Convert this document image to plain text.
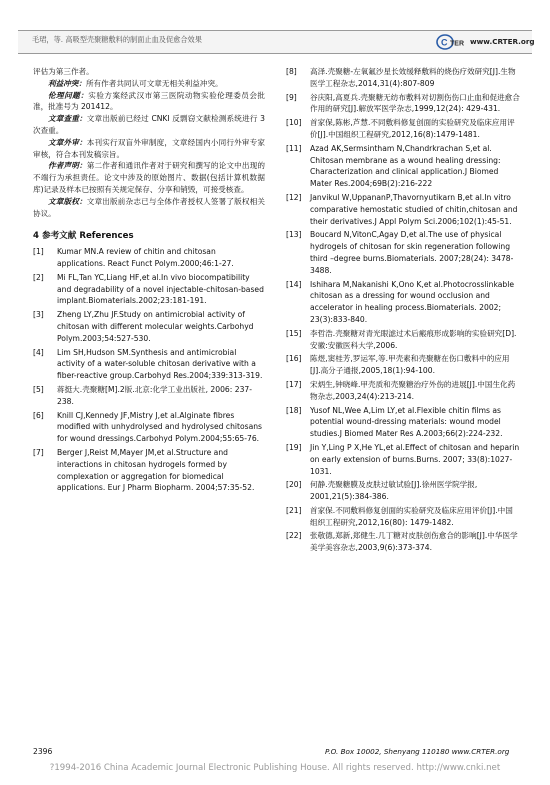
毛珺，等. 高吸型壳聚糖敷料的制面止血及促愈合效果	C TER www.CRTER.org

评估为第三作者。

利益冲突：所有作者共同认可文章无相关利益冲突。

伦理问题：实验方案经武汉市第三医院动物实验伦理委员会批准，批准号为 201412。

文章查重：文章出版前已经过 CNKI 反剽窃文献检测系统进行 3 次查重。

文章外审：本刊实行双盲外审制度，文章经国内小同行外审专家审核，符合本刊发稿宗旨。

作者声明：第二作者和通讯作者对于研究和撰写的论文中出现的不端行为承担责任。论文中涉及的原始图片、数据(包括计算机数据库)记录及样本已按照有关规定保存、分享和销毁，可接受核查。

文章版权：文章出版前杂志已与全体作者授权人签署了版权相关协议。

4 参考文献 References
[1]	Kumar MN.A review of chitin and chitosan applications. React Funct Polym.2000;46:1-27.
[2]	Mi FL,Tan YC,Liang HF,et al.In vivo biocompatibility and degradability of a novel injectable-chitosan-based implant.Biomaterials.2002;23:181-191.
[3]	Zheng LY,Zhu JF.Study on antimicrobial activity of chitosan with different molecular weights.Carbohyd Polym.2003;54:527-530.
[4]	Lim SH,Hudson SM.Synthesis and antimicrobial activity of a water-soluble chitosan derivative with a fiber-reactive group.Carbohyd Res.2004;339:313-319.
[5]	蒋挺大.壳聚糖[M].2版.北京:化学工业出版社, 2006: 237-238.
[6]	Knill CJ,Kennedy JF,Mistry J,et al.Alginate fibres modified with unhydrolysed and hydrolysed chitosans for wound dressings.Carbohyd Polym.2004;55:65-76.
[7]	Berger J,Reist M,Mayer JM,et al.Structure and interactions in chitosan hydrogels formed by complexation or aggregation for biomedical applications. Eur J Pharm Biopharm. 2004;57:35-52.
[8]	高泽.壳聚糖-左氧氟沙星长效缓释敷料的烧伤疗效研究[J].生物医学工程杂志,2014,31(4):807-809
[9]	谷庆阳,高夏兵.壳聚糖无纺布敷料对切割伤伤口止血和促进愈合作用的研究[J].解放军医学杂志,1999,12(24): 429-431.
[10]	首家保,陈彬,芦慧.不同敷料修复创面的实验研究及临床应用评价[J].中国组织工程研究,2012,16(8):1479-1481.
[11]	Azad AK,Sermsintham N,Chandrkrachan S,et al. Chitosan membrane as a wound healing dressing: Characterization and clinical application.J Biomed Mater Res.2004;69B(2):216-222
[12]	Janvikul W,UppananP,Thavornyutikarn B,et al.In vitro comparative hemostatic studied of chitin,chitosan and their derivatives.J Appl Polym Sci.2006;102(1):45-51.
[13]	Boucard N,VitonC,Agay D,et al.The use of physical hydrogels of chitosan for skin regeneration following third –degree burns.Biomaterials. 2007;28(24): 3478-3488.
[14]	Ishihara M,Nakanishi K,Ono K,et al.Photocrosslinkable chitosan as a dressing for wound occlusion and accelerator in healing process.Biomaterials. 2002; 23(3):833-840.
[15]	李哲浩.壳聚糖对青光眼滤过术后瘢痕形成影响的实验研究[D].安徽:安徽医科大学,2006.
[16]	陈煜,窦桂芳,罗运军,等.甲壳素和壳聚糖在伤口敷料中的应用[J].高分子通报,2005,18(1):94-100.
[17]	宋炳生,钟晓峰.甲壳质和壳聚糖治疗外伤的进展[J].中国生化药物杂志,2003,24(4):213-214.
[18]	Yusof NL,Wee A,Lim LY,et al.Flexible chitin films as potential wound-dressing materials: wound model studies.J Biomed Mater Res A.2003;66(2):224-232.
[19]	Jin Y,Ling P X,He YL,et al.Effect of chitosan and heparin on early extension of burns.Burns. 2007; 33(8):1027-1031.
[20]	何静.壳聚糖膜及皮肤过敏试验[J].徐州医学院学报, 2001,21(5):384-386.
[21]	首家保.不同敷料修复创面的实验研究及临床应用评价[J].中国组织工程研究,2012,16(80): 1479-1482.
[22]	张敬德,郑新,郑健生.几丁糖对皮肤创伤愈合的影响[J].中华医学美学美容杂志,2003,9(6):373-374.
2396	P.O. Box 10002, Shenyang 110180 www.CRTER.org
?1994-2016 China Academic Journal Electronic Publishing House. All rights reserved. http://www.cnki.net
